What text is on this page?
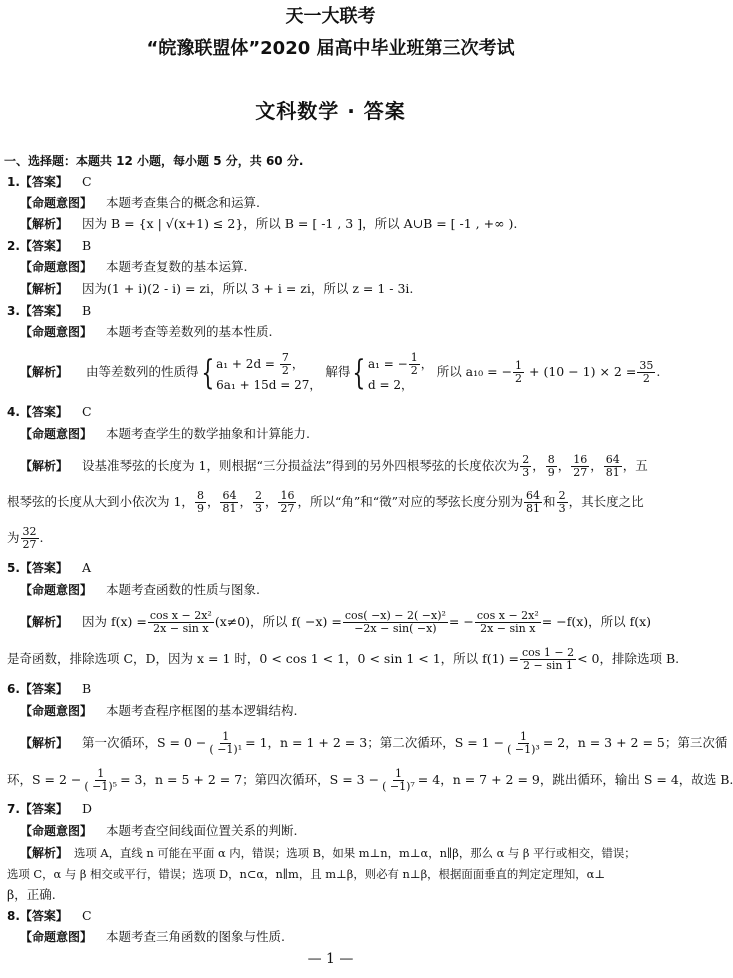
天一大联考
“皖豫联盟体”2020 届高中毕业班第三次考试
文科数学 · 答案
一、选择题：本题共 12 小题，每小题 5 分，共 60 分.
1.【答案】 C
【命题意图】 本题考查集合的概念和运算.
【解析】 因为 B = {x | √(x+1) ≤ 2}，所以 B = [ -1 , 3 ]，所以 A∪B = [ -1 , +∞ ).
2.【答案】 B
【命题意图】 本题考查复数的基本运算.
【解析】 因为(1 + i)(2 - i) = zi，所以 3 + i = zi，所以 z = 1 - 3i.
3.【答案】 B
【命题意图】 本题考查等差数列的基本性质.
【解析】 由等差数列的性质得{ $a_1 + 2d = \frac{7}{2}$ ，
6a₁ + 15d = 27，
解得{ a₁ = − $\frac{1}{2}$ ，
d = 2，
所以 a₁₀ = − $\frac{1}{2} + (10 - 1) \times 2 = \frac{35}{2}$ .
4.【答案】 C
【命题意图】 本题考查学生的数学抽象和计算能力.
【解析】 设基准琴弦的长度为 1，则根据“三分损益法”得到的另外四根琴弦的长度依次为 $\frac{2}{3}$ ， $\frac{8}{9}$ ， $\frac{16}{27}$ ， $\frac{64}{81}$ ，五
根琴弦的长度从大到小依次为 1， $\frac{8}{9}$ ， $\frac{64}{81}$ ， $\frac{2}{3}$ ， $\frac{16}{27}$ ，所以“角”和“徵”对应的琴弦长度分别为 $\frac{64}{81}$ 和 $\frac{2}{3}$ ，其长度之比
为 $\frac{32}{27}$ .
5.【答案】 A
【命题意图】 本题考查函数的性质与图象.
【解析】 因为 $f(x) = \frac{\text{cos x − 2x²}}{\text{2x − sin x}} (x\ne 0)$，所以 $f( -x) = \frac{\text{cos( −x) − 2( −x)²}}{-2x - \sin( -x)}$ = − $\frac{\text{cos x − 2x²}}{\text{2x − sin x}} = -f(x)$，所以 f(x)
是奇函数，排除选项 C，D，因为 x = 1 时，0 < cos 1 < 1，0 < sin 1 < 1，所以 $f(1) = \frac{\cos 1 - 2}{2 - \sin 1} < 0$，排除选项 B.
6.【答案】 B
【命题意图】 本题考查程序框图的基本逻辑结构.
【解析】 第一次循环，$S = 0 - \frac{1}{\text{( −1)¹}} = 1$，n = 1 + 2 = 3；第二次循环，$S = 1 - \frac{1}{\text{( −1)³}} = 2$，n = 3 + 2 = 5；第三次循
环，$S = 2 - \frac{1}{\text{( −1)⁵}} = 3$，n = 5 + 2 = 7；第四次循环，$S = 3 - \frac{1}{\text{( −1)⁷}} = 4$，n = 7 + 2 = 9，跳出循环，输出 S = 4，故选 B.
7.【答案】 D
【命题意图】 本题考查空间线面位置关系的判断.
【解析】 选项 A，直线 n 可能在平面 α 内，错误；选项 B，如果 m⊥n，m⊥α，n∥β，那么 α 与 β 平行或相交，错误；
选项 C，α 与 β 相交或平行，错误；选项 D，n⊂α，n∥m，且 m⊥β，则必有 n⊥β，根据面面垂直的判定定理知，α⊥
β，正确.
8.【答案】 C
【命题意图】 本题考查三角函数的图象与性质.
— 1 —
